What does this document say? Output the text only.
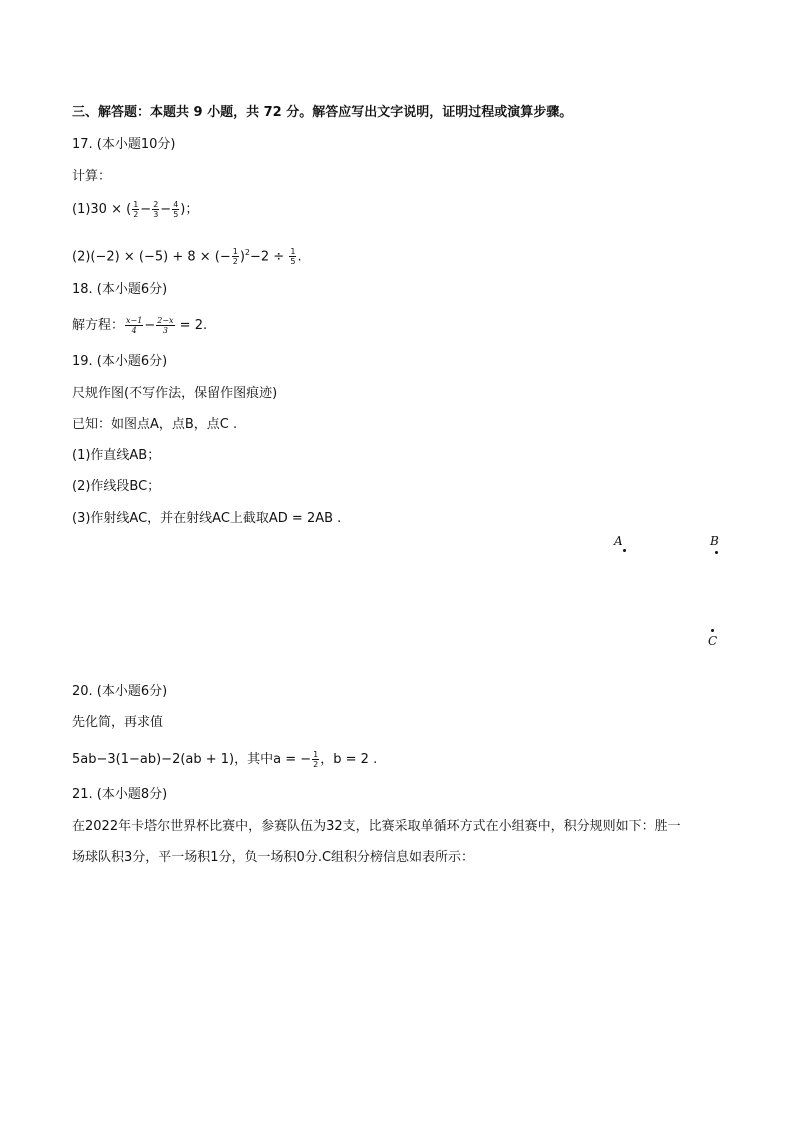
三、解答题：本题共 9 小题，共 72 分。解答应写出文字说明，证明过程或演算步骤。
17. (本小题10分)
计算：
(1)30 × ( $\frac{1}{2} - \frac{2}{3} - \frac{4}{5}$ )；
(2)(−2) × (−5) + 8 × (− $\frac{1}{2} )^2-2 \div \frac{1}{5}$ .
18. (本小题6分)
解方程： $\frac{x-1}{4} - \frac{2-x}{3} = 2$.
19. (本小题6分)
尺规作图(不写作法，保留作图痕迹)
已知：如图点A，点B，点C .
(1)作直线AB；
(2)作线段BC；
(3)作射线AC，并在射线AC上截取AD = 2AB .
A	B
C
20. (本小题6分)
先化简，再求值
5ab−3(1−ab)−2(ab + 1)，其中a = − $\frac{1}{2}$ ，b = 2 .
21. (本小题8分)
在2022年卡塔尔世界杯比赛中，参赛队伍为32支，比赛采取单循环方式在小组赛中，积分规则如下：胜一
场球队积3分，平一场积1分，负一场积0分.C组积分榜信息如表所示：
